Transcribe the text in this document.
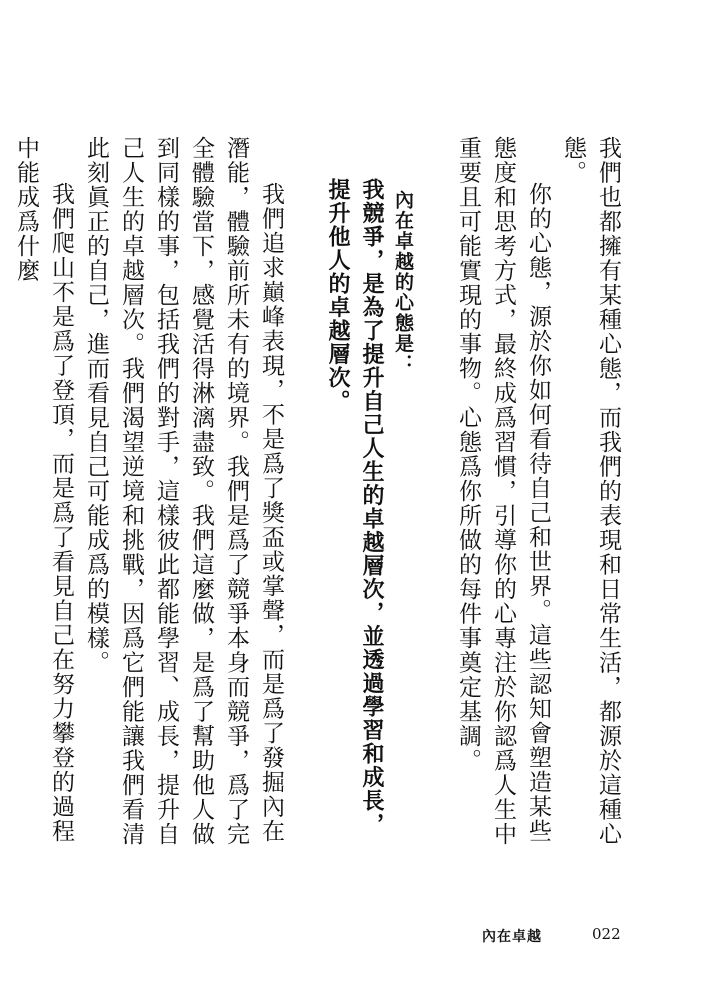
我們也都擁有某種心態，而我們的表現和日常生活，都源於這種心態。

你的心態，源於你如何看待自己和世界。這些認知會塑造某些態度和思考方式，最終成爲習慣，引導你的心專注於你認爲人生中重要且可能實現的事物。心態爲你所做的每件事奠定基調。

內在卓越的心態是：

我競爭，是為了提升自己人生的卓越層次，並透過學習和成長，提升他人的卓越層次。

我們追求巔峰表現，不是爲了獎盃或掌聲，而是爲了發掘內在潛能，體驗前所未有的境界。我們是爲了競爭本身而競爭，爲了完全體驗當下，感覺活得淋漓盡致。我們這麼做，是爲了幫助他人做到同樣的事，包括我們的對手，這樣彼此都能學習、成長，提升自己人生的卓越層次。我們渴望逆境和挑戰，因爲它們能讓我們看清此刻眞正的自己，進而看見自己可能成爲的模樣。

我們爬山不是爲了登頂，而是爲了看見自己在努力攀登的過程中能成爲什麼

內在卓越	022
